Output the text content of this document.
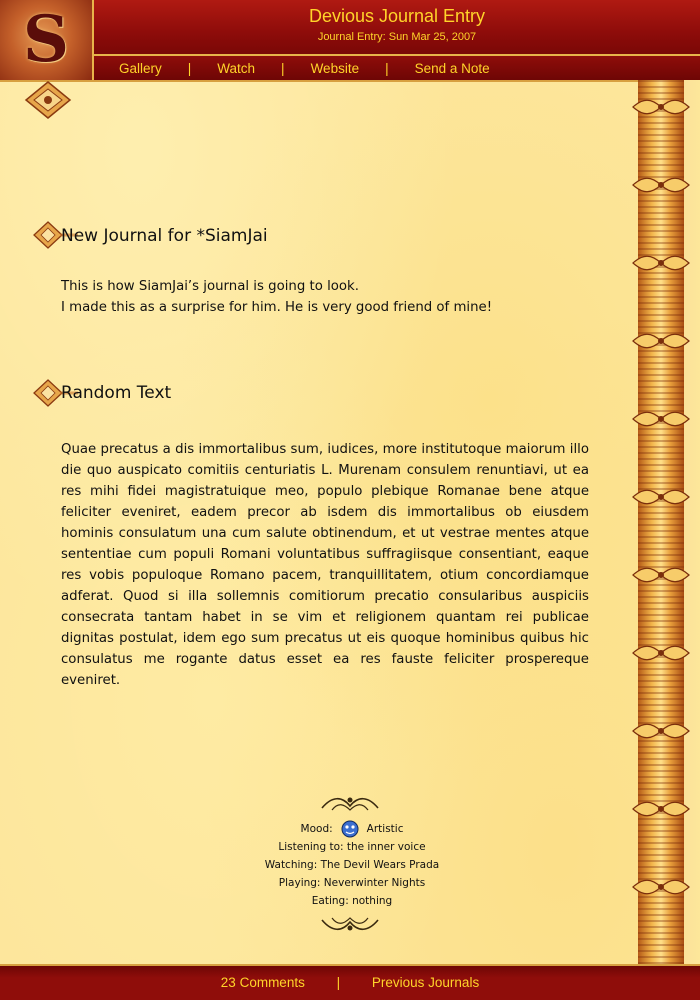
Devious Journal Entry
Journal Entry: Sun Mar 25, 2007
Gallery | Watch | Website | Send a Note
S
New Journal for *SiamJai

This is how SiamJai’s journal is going to look.

I made this as a surprise for him. He is very good friend of mine!

Random Text
Quae precatus a dis immortalibus sum, iudices, more institutoque maiorum illo die quo auspicato comitiis centuriatis L. Murenam consulem renuntiavi, ut ea res mihi fidei magistratuique meo, populo plebique Romanae bene atque feliciter eveniret, eadem precor ab isdem dis immortalibus ob eiusdem hominis consulatum una cum salute obtinendum, et ut vestrae mentes atque sententiae cum populi Romani voluntatibus suffragiisque consentiant, eaque res vobis populoque Romano pacem, tranquillitatem, otium concordiamque adferat. Quod si illa sollemnis comitiorum precatio consularibus auspiciis consecrata tantam habet in se vim et religionem quantam rei publicae dignitas postulat, idem ego sum precatus ut eis quoque hominibus quibus hic consulatus me rogante datus esset ea res fauste feliciter prospereque eveniret.
Mood:	Artistic
Listening to: the inner voice
Watching: The Devil Wears Prada
Playing: Neverwinter Nights
Eating: nothing
23 Comments | Previous Journals
